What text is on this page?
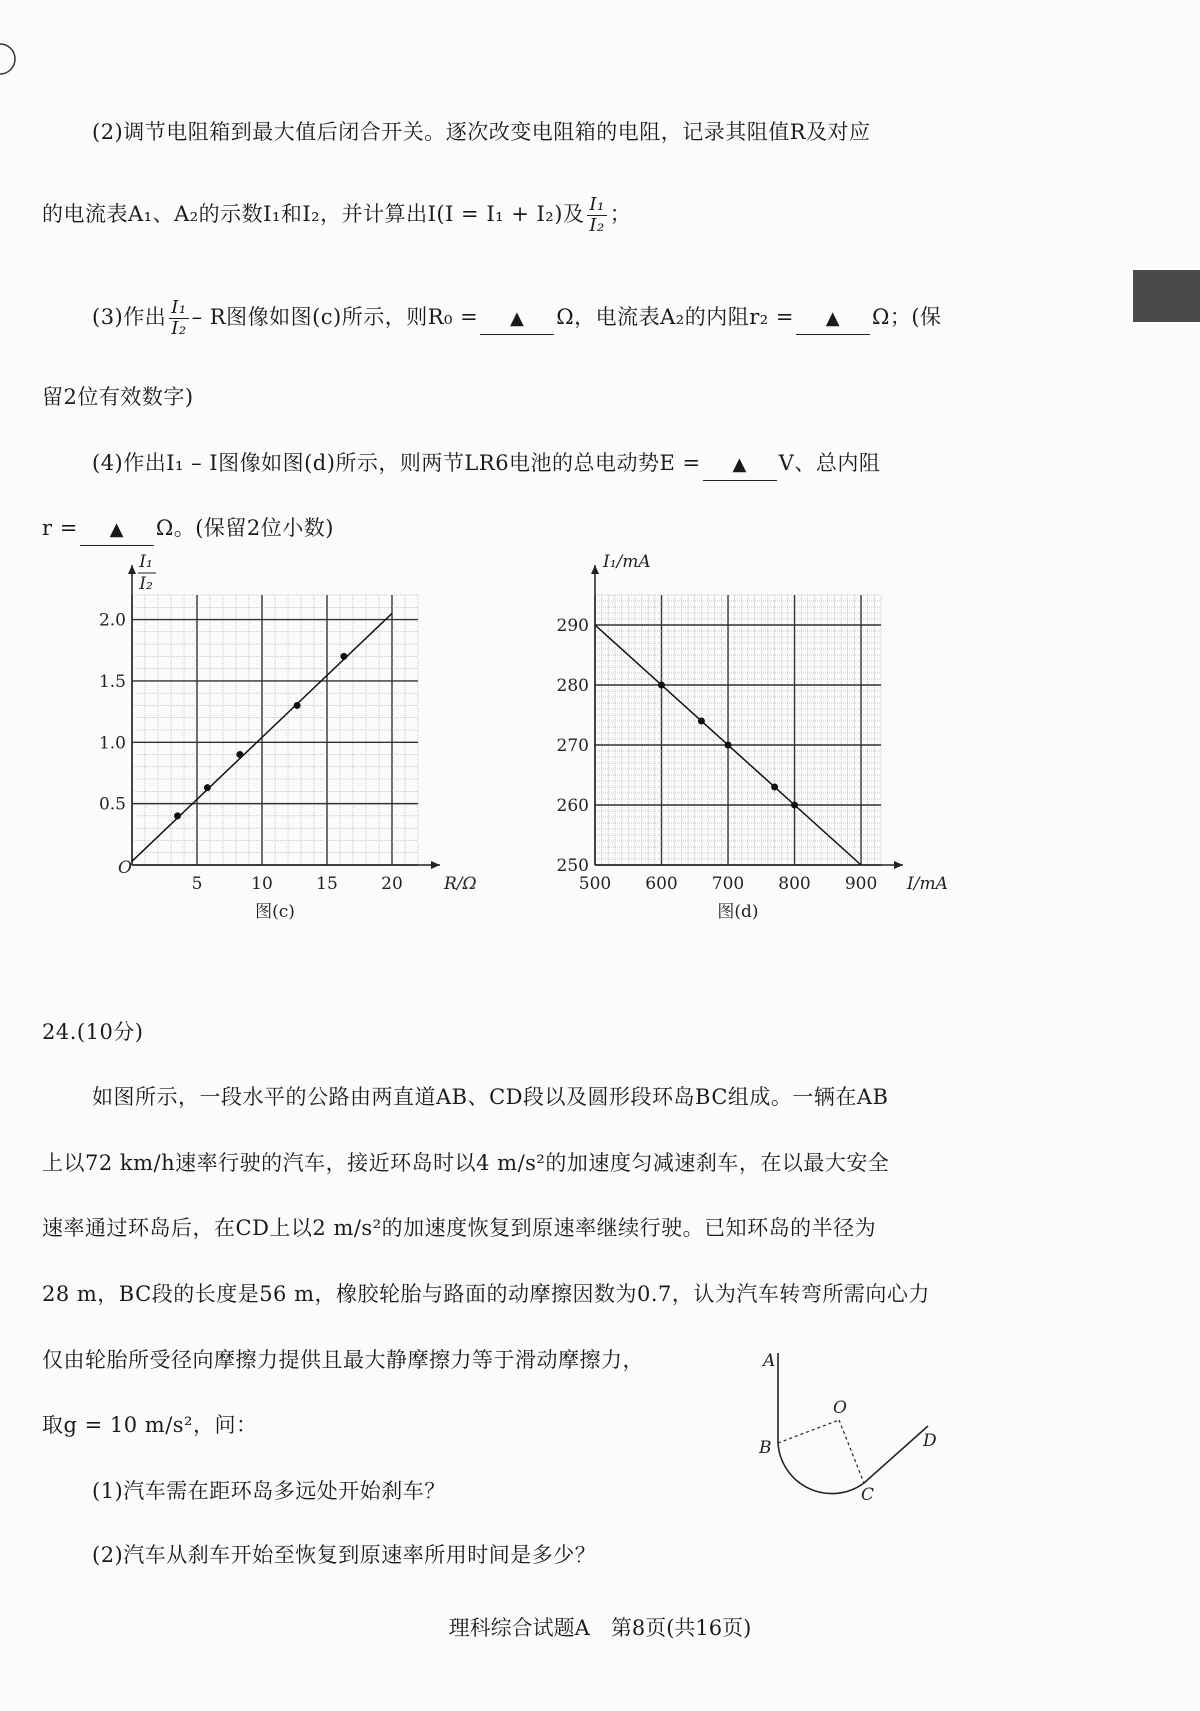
(2)调节电阻箱到最大值后闭合开关。逐次改变电阻箱的电阻，记录其阻值R及对应
的电流表A₁、A₂的示数I₁和I₂，并计算出I(I = I₁ + I₂)及 $\frac{\text{I₁}}{\text{I₂}}$ ；
(3)作出 $\frac{\text{I₁}}{\text{I₂}}$ – R图像如图(c)所示，则R₀ = ▲ Ω，电流表A₂的内阻r₂ = ▲ Ω；(保
留2位有效数字)
(4)作出I₁ – I图像如图(d)所示，则两节LR6电池的总电动势E = ▲ V、总内阻
r = ▲ Ω。(保留2位小数)
5	10	15	20
0.5
1.0
1.5
2.0
R/Ω
图(c)
O
I₁
I₂
500 600 700 800 900
250
260
270
280
290
I/mA
图(d)
I₁/mA
24.(10分)
如图所示，一段水平的公路由两直道AB、CD段以及圆形段环岛BC组成。一辆在AB
上以72 km/h速率行驶的汽车，接近环岛时以4 m/s²的加速度匀减速刹车，在以最大安全
速率通过环岛后，在CD上以2 m/s²的加速度恢复到原速率继续行驶。已知环岛的半径为
28 m，BC段的长度是56 m，橡胶轮胎与路面的动摩擦因数为0.7，认为汽车转弯所需向心力
仅由轮胎所受径向摩擦力提供且最大静摩擦力等于滑动摩擦力，
取g = 10 m/s²，问：
(1)汽车需在距环岛多远处开始刹车？
(2)汽车从刹车开始至恢复到原速率所用时间是多少？
A
B
O
C
D
理科综合试题A　第8页(共16页)
